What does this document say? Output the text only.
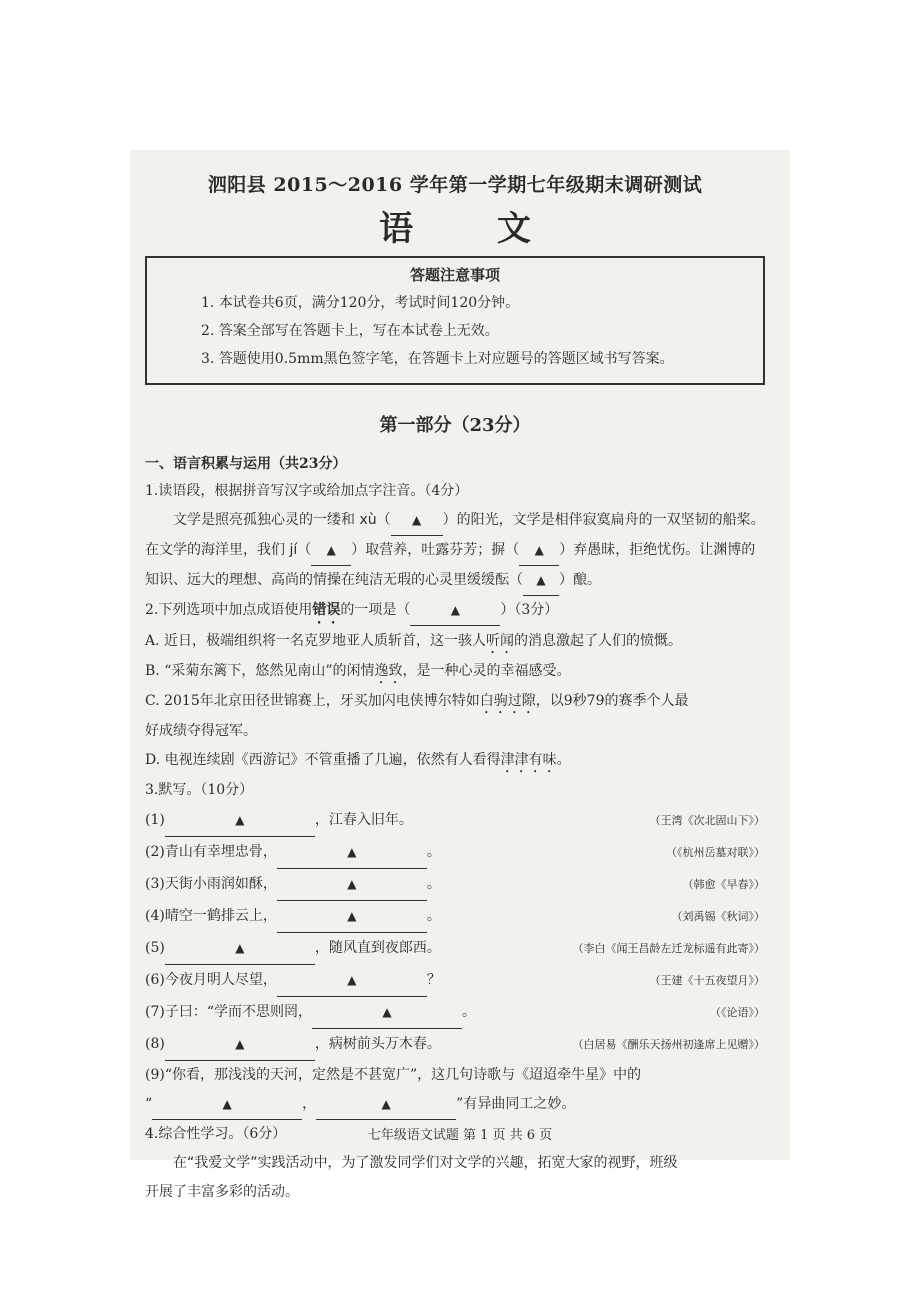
泗阳县 2015～2016 学年第一学期七年级期末调研测试
语 文
答题注意事项
1. 本试卷共6页，满分120分，考试时间120分钟。
2. 答案全部写在答题卡上，写在本试卷上无效。
3. 答题使用0.5mm黑色签字笔，在答题卡上对应题号的答题区域书写答案。
第一部分（23分）
一、语言积累与运用（共23分）
1.读语段，根据拼音写汉字或给加点字注音。（4分）
文学是照亮孤独心灵的一缕和 xù（ ▲ ）的阳光，文学是相伴寂寞扁舟的一双坚韧的船桨。在文学的海洋里，我们 jí（ ▲ ）取营养，吐露芬芳；摒（ ▲ ）弃愚昧，拒绝忧伤。让渊博的知识、远大的理想、高尚的情操在纯洁无瑕的心灵里缓缓酝（ ▲ ）酿。
2.下列选项中加点成语使用错误的一项是（	▲	）（3分）
A. 近日，极端组织将一名克罗地亚人质斩首，这一骇人听闻的消息激起了人们的愤慨。
B. “采菊东篱下，悠然见南山”的闲情逸致，是一种心灵的幸福感受。
C. 2015年北京田径世锦赛上，牙买加闪电侠博尔特如白驹过隙，以9秒79的赛季个人最
好成绩夺得冠军。
D. 电视连续剧《西游记》不管重播了几遍，依然有人看得津津有味。
3.默写。（10分）
(1)	▲	，江春入旧年。	（王湾《次北固山下》）
(2)青山有幸埋忠骨，	▲	。	（《杭州岳墓对联》）
(3)天街小雨润如酥，	▲	。	（韩愈《早春》）
(4)晴空一鹤排云上，	▲	。	（刘禹锡《秋词》）
(5)	▲	，随风直到夜郎西。	（李白《闻王昌龄左迁龙标遥有此寄》）
(6)今夜月明人尽望，	▲	？	（王建《十五夜望月》）
(7)子曰：“学而不思则罔，	▲	。	（《论语》）
(8)	▲	，病树前头万木春。	（白居易《酬乐天扬州初逢席上见赠》）
(9)“你看，那浅浅的天河，定然是不甚宽广”，这几句诗歌与《迢迢牵牛星》中的
“	▲	，	▲	”有异曲同工之妙。
4.综合性学习。（6分）
在“我爱文学”实践活动中，为了激发同学们对文学的兴趣，拓宽大家的视野，班级
开展了丰富多彩的活动。
七年级语文试题 第 1 页 共 6 页
